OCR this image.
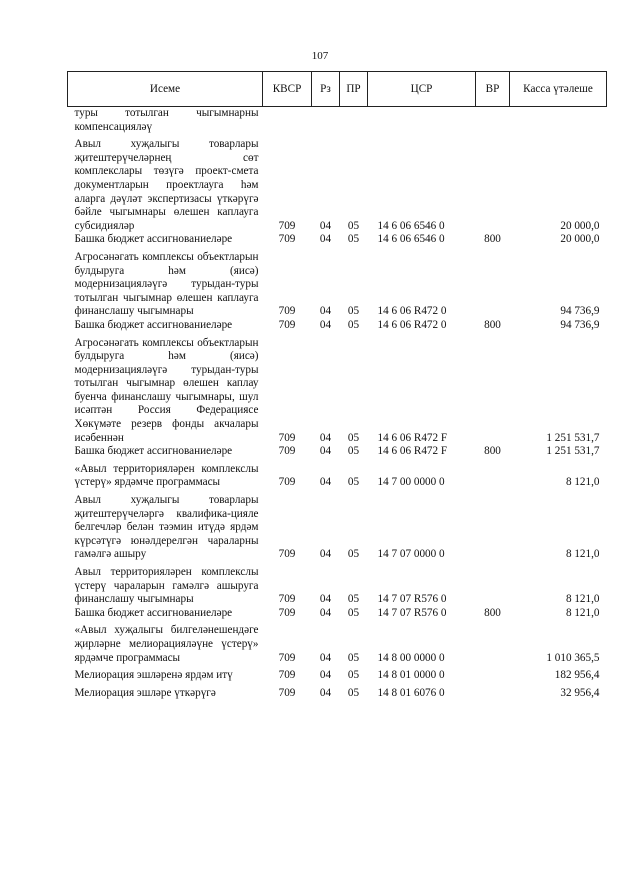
107
Исеме	КВСР	Рз	ПР	ЦСР	ВР	Касса үтәлеше
туры тотылган чыгымнарны компенсацияләү						
Авыл хуҗалыгы товарлары җитештерүчеләрнең сөт комплекслары төзүгә проект-смета документларын проектлауга һәм аларга дәүләт экспертизасы үткәрүгә бәйле чыгымнары өлешен каплауга субсидияләр	709	04	05	14 6 06 6546 0		20 000,0
Башка бюджет ассигнованиеләре	709	04	05	14 6 06 6546 0	800	20 000,0
Агросәнәгать комплексы объектларын булдыруга һәм (яисә) модернизацияләүгә турыдан-туры тотылган чыгымнар өлешен каплауга финанслашу чыгымнары	709	04	05	14 6 06 R472 0		94 736,9
Башка бюджет ассигнованиеләре	709	04	05	14 6 06 R472 0	800	94 736,9
Агросәнәгать комплексы объектларын булдыруга һәм (яисә) модернизацияләүгә турыдан-туры тотылган чыгымнар өлешен каплау буенча финанслашу чыгымнары, шул исәптән Россия Федерациясе Хөкүмәте резерв фонды акчалары исәбеннән	709	04	05	14 6 06 R472 F		1 251 531,7
Башка бюджет ассигнованиеләре	709	04	05	14 6 06 R472 F	800	1 251 531,7
«Авыл территорияләрен комплекслы үстерү» ярдәмче программасы	709	04	05	14 7 00 0000 0		8 121,0
Авыл хуҗалыгы товарлары җитештерүчеләргә квалифика-цияле белгечләр белән тәэмин итүдә ярдәм күрсәтүгә юнәлдерелгән чараларны гамәлгә ашыру	709	04	05	14 7 07 0000 0		8 121,0
Авыл территорияләрен комплекслы үстерү чараларын гамәлгә ашыруга финанслашу чыгымнары	709	04	05	14 7 07 R576 0		8 121,0
Башка бюджет ассигнованиеләре	709	04	05	14 7 07 R576 0	800	8 121,0
«Авыл хуҗалыгы билгеләнешендәге җирләрне мелиорацияләүне үстерү» ярдәмче программасы	709	04	05	14 8 00 0000 0		1 010 365,5
Мелиорация эшләренә ярдәм итү	709	04	05	14 8 01 0000 0		182 956,4
Мелиорация эшләре үткәрүгә	709	04	05	14 8 01 6076 0		32 956,4
